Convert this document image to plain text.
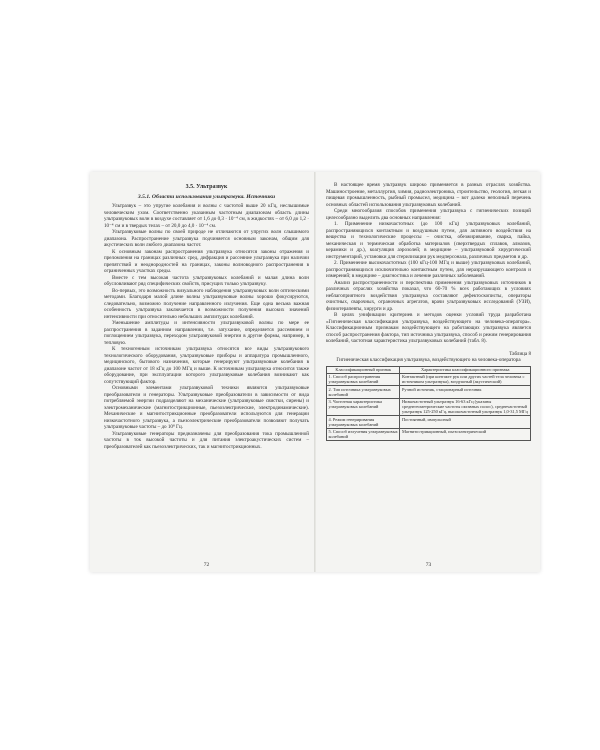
3.5. Ультразвук

3.5.1. Области использования ультразвука. Источники

Ультразвук – это упругие колебания и волны с частотой выше 20 кГц, неслышимые человеческим ухом. Соответственно указанным частотным диапазонам область длины ультразвуковых волн в воздухе составляет от 1,6 до 0,3 · 10⁻⁴ см, в жидкостях – от 6,0 до 1,2 · 10⁻⁴ см и в твердых телах – от 20,0 до 4,0 · 10⁻⁴ см.

Ультразвуковые волны по своей природе не отличаются от упругих волн слышимого диапазона. Распространение ультразвука подчиняется основным законам, общим для акустических волн любого диапазона частот.

К основным законам распространения ультразвука относятся законы отражения и преломления на границах различных сред, дифракция и рассеяние ультразвука при наличии препятствий и неоднородностей на границах, законы волноводного распространения в ограниченных участках среды.

Вместе с тем высокая частота ультразвуковых колебаний и малая длина волн обусловливают ряд специфических свойств, присущих только ультразвуку.

Во-первых, это возможность визуального наблюдения ультразвуковых волн оптическими методами. Благодаря малой длине волны ультразвуковые волны хорошо фокусируются, следовательно, возможно получение направленного излучения. Еще одна весьма важная особенность ультразвука заключается в возможности получения высоких значений интенсивности при относительно небольших амплитудах колебаний.

Уменьшение амплитуды и интенсивности ультразвуковой волны по мере ее распространения в заданном направлении, т.е. затухание, определяется рассеянием и поглощением ультразвука, переходом ультразвуковой энергии в другие формы, например, в тепловую.

К техногенным источникам ультразвука относятся все виды ультразвукового технологического оборудования, ультразвуковые приборы и аппаратура промышленного, медицинского, бытового назначения, которые генерируют ультразвуковые колебания в диапазоне частот от 18 кГц до 100 МГц и выше. К источникам ультразвука относится также оборудование, при эксплуатации которого ультразвуковые колебания возникают как сопутствующий фактор.

Основными элементами ультразвуковой техники являются ультразвуковые преобразователи и генераторы. Ультразвуковые преобразователи в зависимости от вида потребляемой энергии подразделяют на механические (ультразвуковые свистки, сирены) и электромеханические (магнитострикционные, пьезоэлектрические, электродинамические). Механические и магнитострикционные преобразователи используются для генерации низкочастотного ультразвука, а пьезоэлектрические преобразователи позволяют получать ультразвуковые частоты – до 10⁸ Гц.

Ультразвуковые генераторы предназначены для преобразования тока промышленной частоты в ток высокой частоты и для питания электроакустических систем – преобразователей как пьезоэлектрических, так и магнитострикционных.

72

В настоящее время ультразвук широко применяется в разных отраслях хозяйства. Машиностроение, металлургия, химия, радиоэлектроника, строительство, геология, легкая и пищевая промышленность, рыбный промысел, медицина – вот далеко неполный перечень основных областей использования ультразвуковых колебаний.

Среди многообразия способов применения ультразвука с гигиенических позиций целесообразно выделить два основных направления:

1. Применение низкочастотных (до 100 кГц) ультразвуковых колебаний, распространяющихся контактным и воздушным путем, для активного воздействия на вещества и технологические процессы – очистка, обезжиривание, сварка, пайка, механическая и термическая обработка материалов (сверхтвердых сплавов, алмазов, керамики и др.), коагуляция аэрозолей; в медицине – ультразвуковой хирургический инструментарий, установки для стерилизации рук медперсонала, различных предметов и др.

2. Применение высокочастотных (100 кГц-100 МГц и выше) ультразвуковых колебаний, распространяющихся исключительно контактным путем, для неразрушающего контроля и измерений; в медицине – диагностика и лечение различных заболеваний.

Анализ распространенности и перспектива применения ультразвуковых источников в различных отраслях хозяйства показал, что 60-70 % всех работающих в условиях неблагоприятного воздействия ультразвука составляют дефектоскописты, операторы очистных, сварочных, ограночных агрегатов, врачи ультразвуковых исследований (УЗИ), физиотерапевты, хирурги и др.

В целях унификации критериев и методов оценки условий труда разработана «Гигиеническая классификация ультразвука, воздействующего на человека-оператора». Классификационным признакам воздействующего на работающих ультразвука является способ распространения фактора, тип источника ультразвука, способ и режим генерирования колебаний, частотная характеристика ультразвуковых колебаний (табл. 8).

Таблица 8

Гигиеническая классификация ультразвука, воздействующего на человека-оператора

Классификационный признак	Характеристика классификационного признака
1. Способ распространения ультразвуковых колебаний	Контактный (при контакте рук или других частей тела человека с источником ультразвука), воздушный (акустический)
2. Тип источника ультразвуковых колебаний	Ручной источник, стационарный источник
3. Частотная характеристика ультразвуковых колебаний	Низкочастотный ультразвук 16-63 кГц (указаны среднегеометрические частоты октавных полос), среднечастотный ультразвук 125-250 кГц, высокочастотный ультразвук 1,0-31,5 МГц
4. Режим генерирования ультразвуковых колебаний	Постоянный, импульсный
5. Способ излучения ультразвуковых колебаний	Магнитострикционный, пьезоэлектрический
73
